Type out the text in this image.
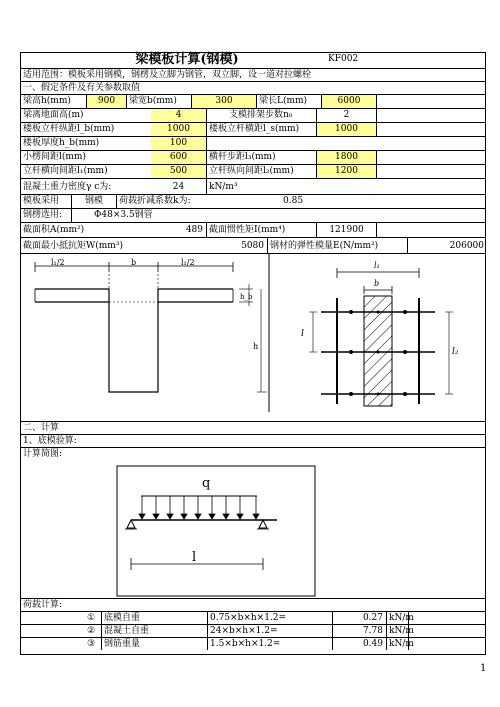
梁模板计算(钢模)	KF002
适用范围：模板采用钢模，钢楞及立脚为钢管，双立脚，设一道对拉螺栓
一、假定条件及有关参数取值
梁高h(mm)	900	梁宽b(mm)	300	梁长L(mm)	6000
梁离地面高(m)	4	支模排架步数n₀	2
楼板立杆纵距l_b(mm)	1000	楼板立杆横距l_s(mm)	1000
楼板厚度h_b(mm)	100
小楞间距l(mm)	600	横杆步距l₃(mm)	1800
立杆横向间距l₁(mm)	500	立杆纵向间距l₂(mm)	1200
混凝土重力密度γ c为:	24	kN/m³
模板采用	钢模	荷载折减系数k为:	0.85
钢楞选用:	Φ48×3.5钢管
截面积A(mm²)	489 截面惯性矩I(mm⁴)	121900
截面最小抵抗矩W(mm³)	5080 钢材的弹性模量E(N/mm²)	206000
l₁/2	b	l₁/2
h_b
h
l₁
b
l
l₂
二、计算
1、底模验算:
计算简图:
q
l
荷载计算:
① 底模自重	0.75×b×h×1.2=	0.27 kN/m
② 混凝土自重	24×b×h×1.2=	7.78 kN/m
③ 钢筋重量	1.5×b×h×1.2=	0.49 kN/m
1
